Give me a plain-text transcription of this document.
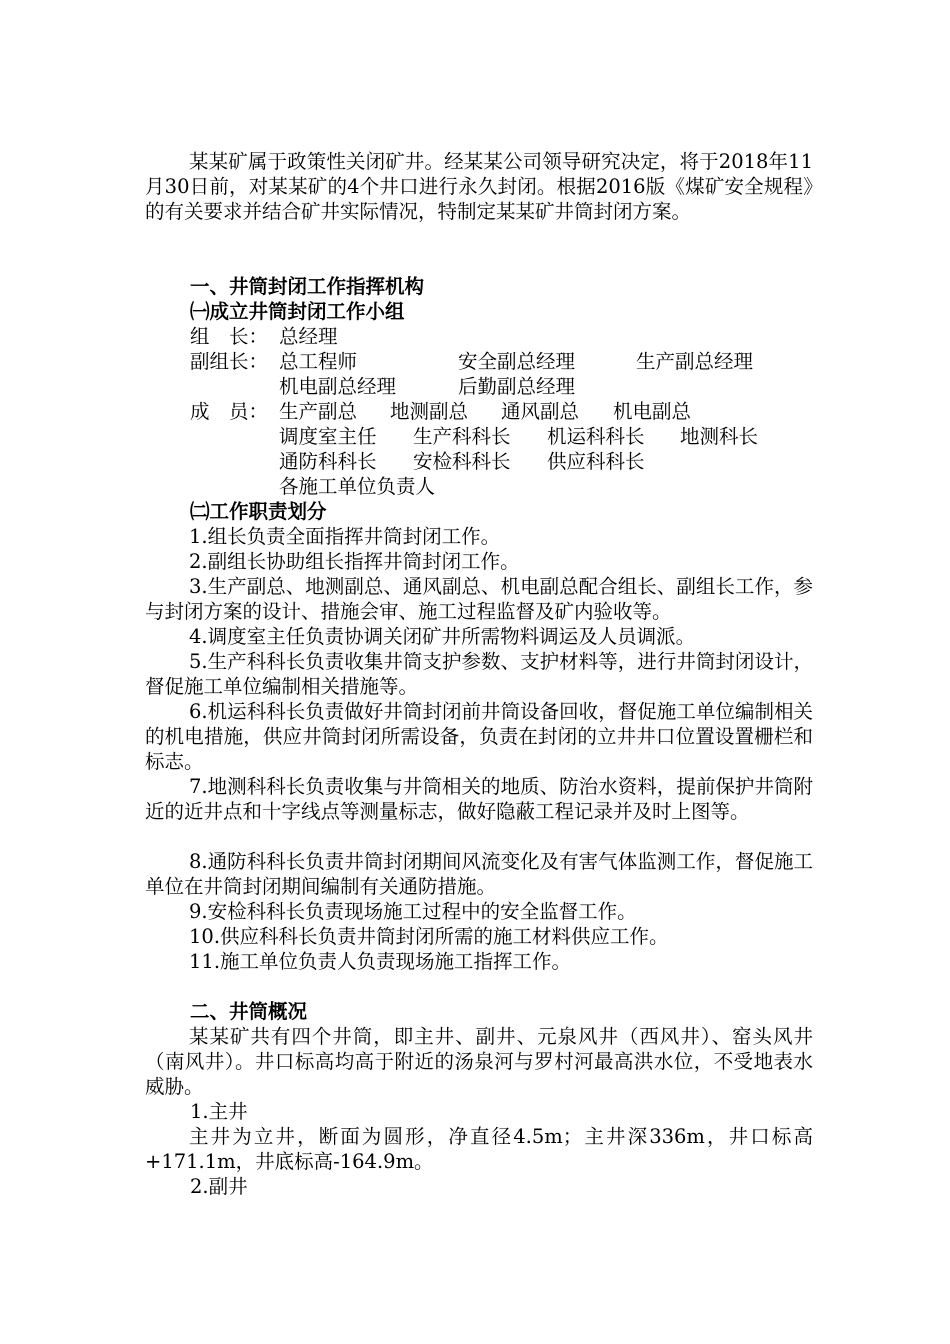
某某矿属于政策性关闭矿井。经某某公司领导研究决定，将于2018年11月30日前，对某某矿的4个井口进行永久封闭。根据2016版《煤矿安全规程》的有关要求并结合矿井实际情况，特制定某某矿井筒封闭方案。

一、井筒封闭工作指挥机构

㈠成立井筒封闭工作小组

组　长： 总经理

副组长： 总工程师	安全副总经理	生产副总经理

机电副总经理	后勤副总经理

成　员： 生产副总 地测副总 通风副总 机电副总

调度室主任 生产科科长 机运科科长 地测科长

通防科科长 安检科科长 供应科科长

各施工单位负责人

㈡工作职责划分

1.组长负责全面指挥井筒封闭工作。

2.副组长协助组长指挥井筒封闭工作。

3.生产副总、地测副总、通风副总、机电副总配合组长、副组长工作，参与封闭方案的设计、措施会审、施工过程监督及矿内验收等。

4.调度室主任负责协调关闭矿井所需物料调运及人员调派。

5.生产科科长负责收集井筒支护参数、支护材料等，进行井筒封闭设计，督促施工单位编制相关措施等。

6.机运科科长负责做好井筒封闭前井筒设备回收，督促施工单位编制相关的机电措施，供应井筒封闭所需设备，负责在封闭的立井井口位置设置栅栏和标志。

7.地测科科长负责收集与井筒相关的地质、防治水资料，提前保护井筒附近的近井点和十字线点等测量标志，做好隐蔽工程记录并及时上图等。

8.通防科科长负责井筒封闭期间风流变化及有害气体监测工作，督促施工单位在井筒封闭期间编制有关通防措施。

9.安检科科长负责现场施工过程中的安全监督工作。

10.供应科科长负责井筒封闭所需的施工材料供应工作。

11.施工单位负责人负责现场施工指挥工作。

二、井筒概况

某某矿共有四个井筒，即主井、副井、元泉风井（西风井）、窑头风井（南风井）。井口标高均高于附近的汤泉河与罗村河最高洪水位，不受地表水威胁。

1.主井

主井为立井，断面为圆形，净直径4.5m；主井深336m，井口标高+171.1m，井底标高-164.9m。

2.副井
